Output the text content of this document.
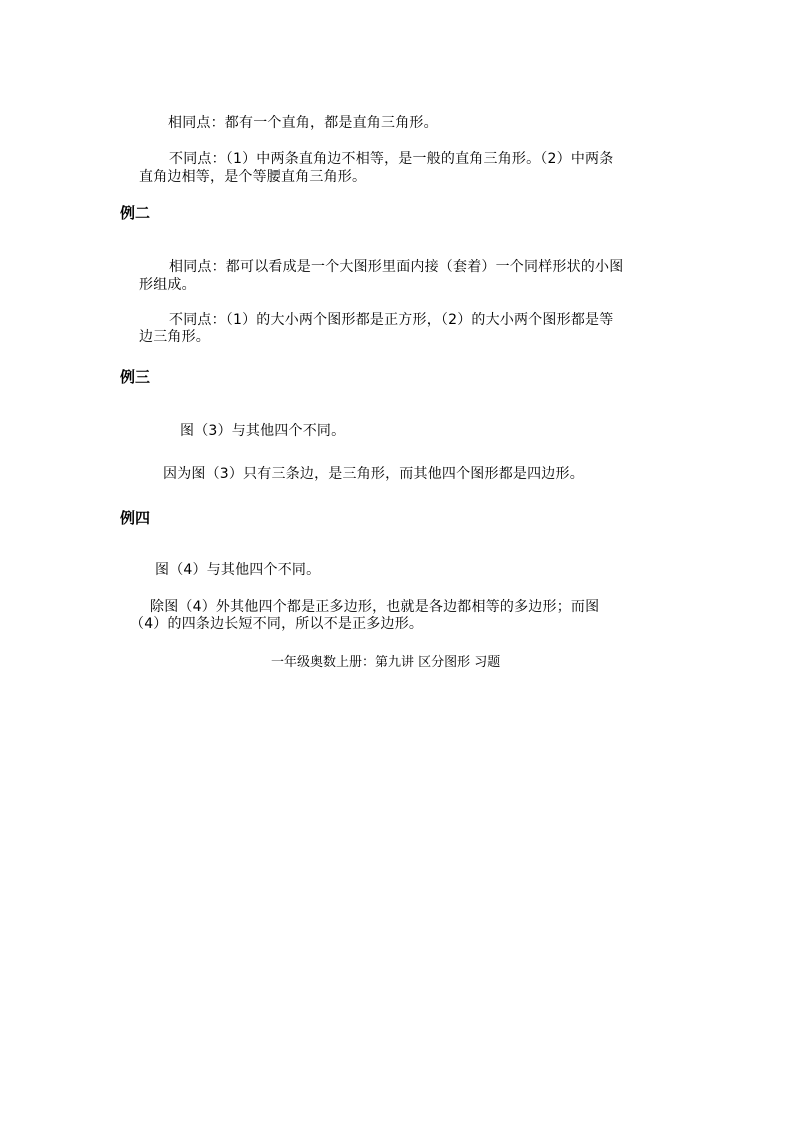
相同点：都有一个直角，都是直角三角形。
不同点：（1）中两条直角边不相等，是一般的直角三角形。（2）中两条
直角边相等，是个等腰直角三角形。
例二
相同点：都可以看成是一个大图形里面内接（套着）一个同样形状的小图
形组成。
不同点：（1）的大小两个图形都是正方形，（2）的大小两个图形都是等
边三角形。
例三
图（3）与其他四个不同。
因为图（3）只有三条边，是三角形，而其他四个图形都是四边形。
例四
图（4）与其他四个不同。
除图（4）外其他四个都是正多边形，也就是各边都相等的多边形；而图
（4）的四条边长短不同，所以不是正多边形。
一年级奥数上册：第九讲 区分图形 习题
